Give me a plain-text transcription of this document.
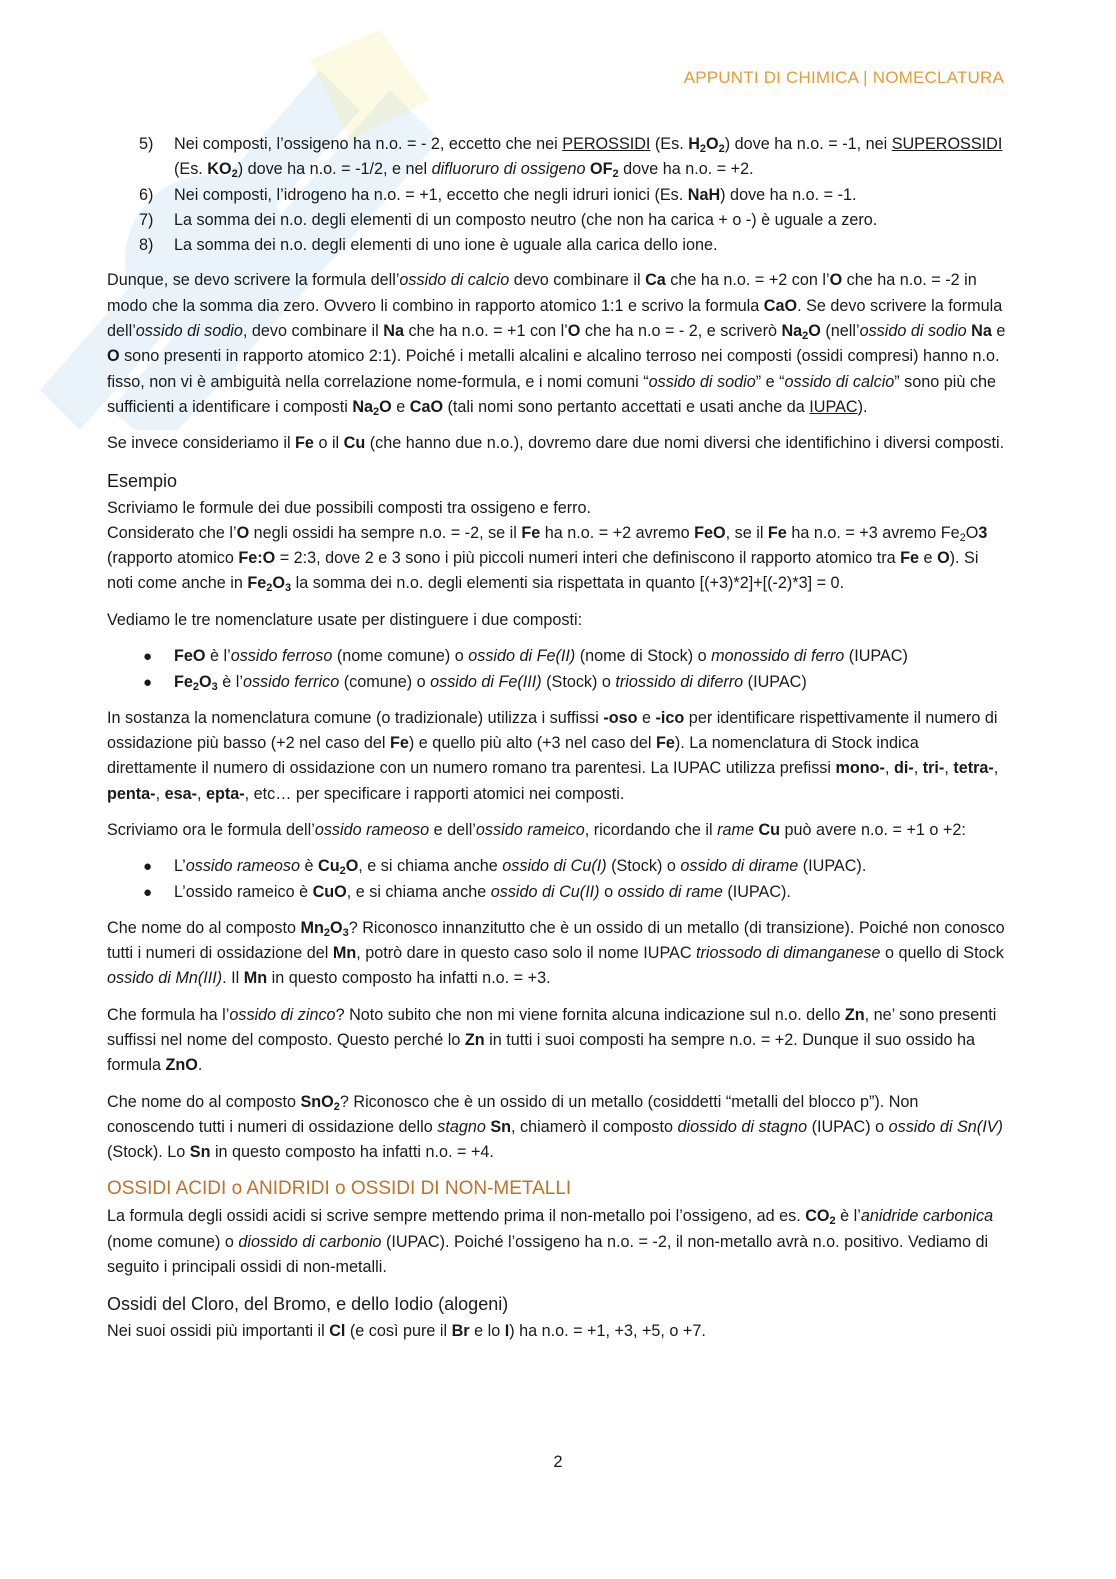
APPUNTI DI CHIMICA | NOMECLATURA
5) Nei composti, l’ossigeno ha n.o. = - 2, eccetto che nei PEROSSIDI (Es. $H_2O_2$) dove ha n.o. = -1, nei SUPEROSSIDI (Es. $KO_2$) dove ha n.o. = -1/2, e nel difluoruro di ossigeno $OF_2$ dove ha n.o. = +2.
6) Nei composti, l’idrogeno ha n.o. = +1, eccetto che negli idruri ionici (Es. NaH) dove ha n.o. = -1.
7) La somma dei n.o. degli elementi di un composto neutro (che non ha carica + o -) è uguale a zero.
8) La somma dei n.o. degli elementi di uno ione è uguale alla carica dello ione.

Dunque, se devo scrivere la formula dell’ossido di calcio devo combinare il Ca che ha n.o. = +2 con l’O che ha n.o. = -2 in modo che la somma dia zero. Ovvero li combino in rapporto atomico 1:1 e scrivo la formula CaO. Se devo scrivere la formula dell’ossido di sodio, devo combinare il Na che ha n.o. = +1 con l’O che ha n.o = - 2, e scriverò $Na_2O$ (nell’ossido di sodio Na e O sono presenti in rapporto atomico 2:1). Poiché i metalli alcalini e alcalino terroso nei composti (ossidi compresi) hanno n.o. fisso, non vi è ambiguità nella correlazione nome-formula, e i nomi comuni “ossido di sodio” e “ossido di calcio” sono più che sufficienti a identificare i composti $Na_2O$ e CaO (tali nomi sono pertanto accettati e usati anche da IUPAC).

Se invece consideriamo il Fe o il Cu (che hanno due n.o.), dovremo dare due nomi diversi che identifichino i diversi composti.

Esempio

Scriviamo le formule dei due possibili composti tra ossigeno e ferro.
Considerato che l’O negli ossidi ha sempre n.o. = -2, se il Fe ha n.o. = +2 avremo FeO, se il Fe ha n.o. = +3 avremo $Fe_2O3$ (rapporto atomico Fe:O = 2:3, dove 2 e 3 sono i più piccoli numeri interi che definiscono il rapporto atomico tra Fe e O). Si noti come anche in $Fe_2O_3$ la somma dei n.o. degli elementi sia rispettata in quanto [(+3)*2]+[(-2)*3] = 0.

Vediamo le tre nomenclature usate per distinguere i due composti:

● FeO è l’ossido ferroso (nome comune) o ossido di Fe(II) (nome di Stock) o monossido di ferro (IUPAC)
● $Fe_2O_3$ è l’ossido ferrico (comune) o ossido di Fe(III) (Stock) o triossido di diferro (IUPAC)

In sostanza la nomenclatura comune (o tradizionale) utilizza i suffissi -oso e -ico per identificare rispettivamente il numero di ossidazione più basso (+2 nel caso del Fe) e quello più alto (+3 nel caso del Fe). La nomenclatura di Stock indica direttamente il numero di ossidazione con un numero romano tra parentesi. La IUPAC utilizza prefissi mono-, di-, tri-, tetra-, penta-, esa-, epta-, etc… per specificare i rapporti atomici nei composti.

Scriviamo ora le formula dell’ossido rameoso e dell’ossido rameico, ricordando che il rame Cu può avere n.o. = +1 o +2:

● L’ossido rameoso è $Cu_2O$, e si chiama anche ossido di Cu(I) (Stock) o ossido di dirame (IUPAC).
● L’ossido rameico è CuO, e si chiama anche ossido di Cu(II) o ossido di rame (IUPAC).

Che nome do al composto $Mn_2O_3$? Riconosco innanzitutto che è un ossido di un metallo (di transizione). Poiché non conosco tutti i numeri di ossidazione del Mn, potrò dare in questo caso solo il nome IUPAC triossodo di dimanganese o quello di Stock ossido di Mn(III). Il Mn in questo composto ha infatti n.o. = +3.

Che formula ha l’ossido di zinco? Noto subito che non mi viene fornita alcuna indicazione sul n.o. dello Zn, ne’ sono presenti suffissi nel nome del composto. Questo perché lo Zn in tutti i suoi composti ha sempre n.o. = +2. Dunque il suo ossido ha formula ZnO.

Che nome do al composto SnO$_2$? Riconosco che è un ossido di un metallo (cosiddetti “metalli del blocco p”). Non conoscendo tutti i numeri di ossidazione dello stagno Sn, chiamerò il composto diossido di stagno (IUPAC) o ossido di Sn(IV) (Stock). Lo Sn in questo composto ha infatti n.o. = +4.

OSSIDI ACIDI o ANIDRIDI o OSSIDI DI NON-METALLI

La formula degli ossidi acidi si scrive sempre mettendo prima il non-metallo poi l’ossigeno, ad es. $CO_2$ è l’anidride carbonica (nome comune) o diossido di carbonio (IUPAC). Poiché l’ossigeno ha n.o. = -2, il non-metallo avrà n.o. positivo. Vediamo di seguito i principali ossidi di non-metalli.

Ossidi del Cloro, del Bromo, e dello Iodio (alogeni)

Nei suoi ossidi più importanti il Cl (e così pure il Br e lo I) ha n.o. = +1, +3, +5, o +7.

2
